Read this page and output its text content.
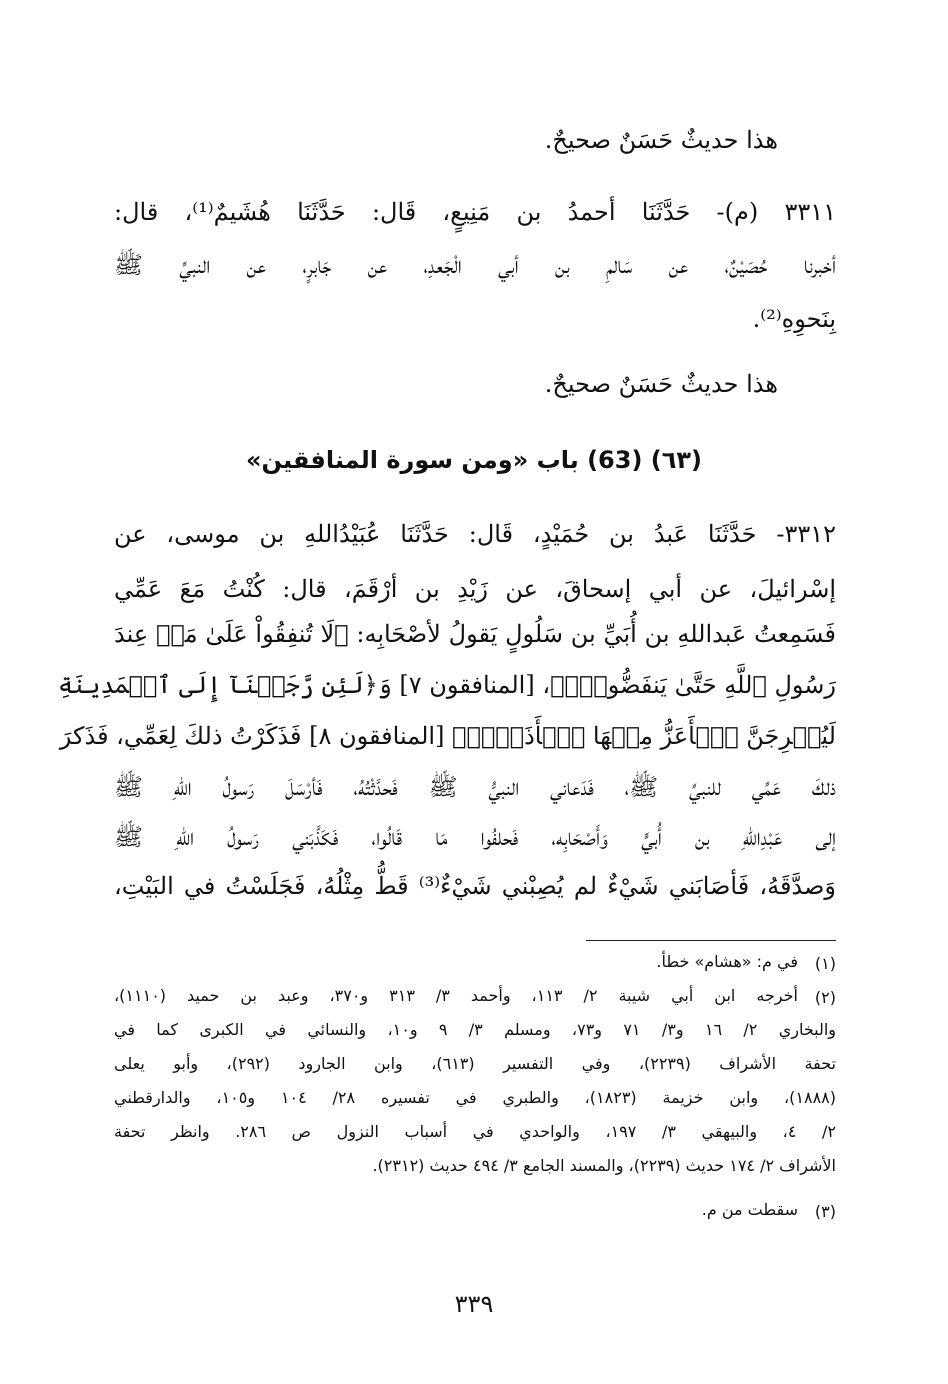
هذا حديثٌ حَسَنٌ صحيحٌ.
٣٣١١ (م)- حَدَّثَنَا أحمدُ بن مَنِيعٍ، قَال: حَدَّثَنَا هُشَيمٌ⁽¹⁾، قال:
أخبرنا حُصَيْنٌ، عن سَالمِ بن أبي الْجَعدِ، عن جَابرٍ، عن النبيِّ ﷺ
بِنَحوِهِ⁽²⁾.
هذا حديثٌ حَسَنٌ صحيحٌ.
(٦٣) (63) باب «ومن سورة المنافقين»
٣٣١٢- حَدَّثَنَا عَبدُ بن حُمَيْدٍ، قَال: حَدَّثَنَا عُبَيْدُاللهِ بن موسى، عن
إسْرائيلَ، عن أبي إسحاقَ، عن زَيْدِ بن أرْقَمَ، قال: كُنْتُ مَعَ عَمِّي
فَسَمِعتُ عَبداللهِ بن أُبَيِّ بن سَلُولٍ يَقولُ لأصْحَابِه: ﴿لَا تُنفِقُواْ عَلَىٰ مَنۡ عِندَ
رَسُولِ ٱللَّهِ حَتَّىٰ يَنفَضُّواْۗ﴾، [المنافقون ٧] وَ﴿لَئِن رَّجَعۡنَآ إِلَى ٱلۡمَدِينَةِ
لَيُخۡرِجَنَّ ٱلۡأَعَزُّ مِنۡهَا ٱلۡأَذَلَّۚ﴾ [المنافقون ٨] فَذَكَرْتُ ذلكَ لِعَمِّي، فَذَكرَ
ذلكَ عَمِّي للنبيِّ ﷺ، فَدَعاني النبيُّ ﷺ فَحدَّثْتُهُ، فَأرْسَلَ رَسولُ اللهِ ﷺ
إلى عَبْدِاللهِ بن أُبيٍّ وَأَصْحَابِه، فَحلفُوا مَا قَالُوا، فَكَذَّبَني رَسولُ اللهِ ﷺ
وَصدَّقَهُ، فَأصَابَني شَيْءٌ لم يُصِبْني شَيْءٌ⁽³⁾ قَطُّ مِثْلُهُ، فَجَلَسْتُ في البَيْتِ،
(١)
في م: «هشام» خطأ.
(٢)
أخرجه ابن أبي شيبة ٢/ ١١٣، وأحمد ٣/ ٣١٣ و٣٧٠، وعبد بن حميد (١١١٠)،
والبخاري ٢/ ١٦ و٣/ ٧١ و٧٣، ومسلم ٣/ ٩ و١٠، والنسائي في الكبرى كما في
تحفة الأشراف (٢٢٣٩)، وفي التفسير (٦١٣)، وابن الجارود (٢٩٢)، وأبو يعلى
(١٨٨٨)، وابن خزيمة (١٨٢٣)، والطبري في تفسيره ٢٨/ ١٠٤ و١٠٥، والدارقطني
٢/ ٤، والبيهقي ٣/ ١٩٧، والواحدي في أسباب النزول ص ٢٨٦. وانظر تحفة
الأشراف ٢/ ١٧٤ حديث (٢٢٣٩)، والمسند الجامع ٣/ ٤٩٤ حديث (٢٣١٢).
(٣)
سقطت من م.
٣٣٩
